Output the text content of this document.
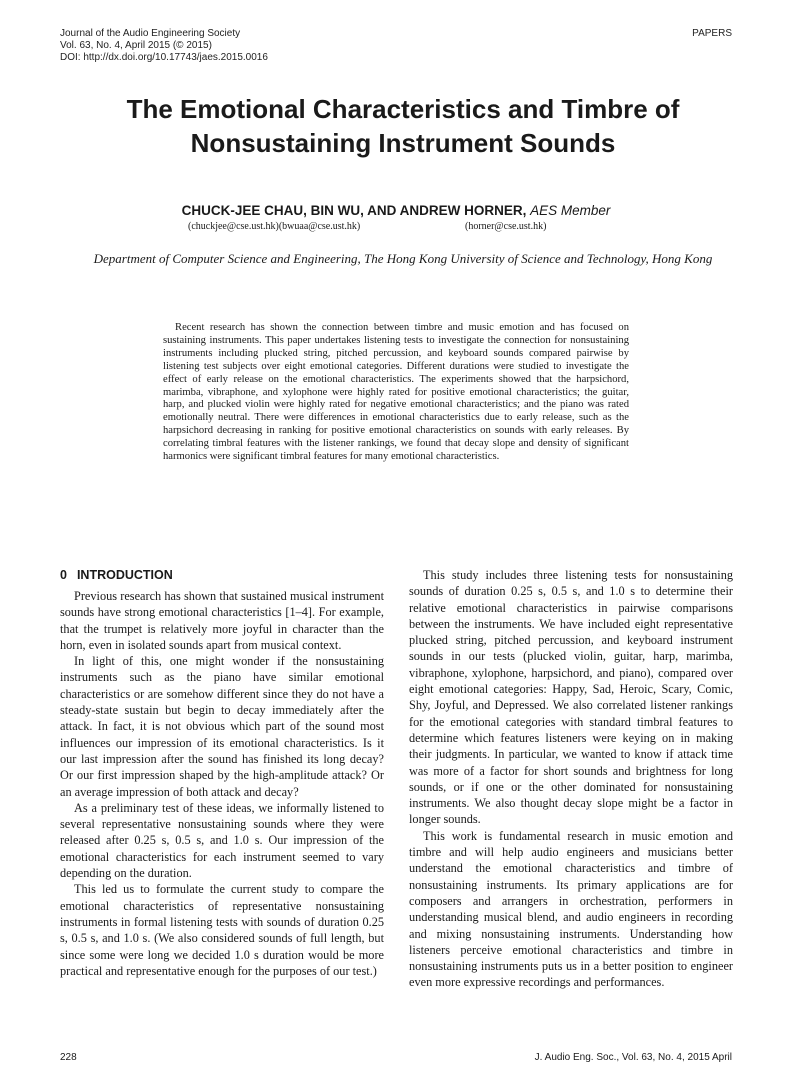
Journal of the Audio Engineering Society
Vol. 63, No. 4, April 2015 (© 2015)
DOI: http://dx.doi.org/10.17743/jaes.2015.0016
PAPERS
The Emotional Characteristics and Timbre of
Nonsustaining Instrument Sounds
CHUCK-JEE CHAU, BIN WU, AND ANDREW HORNER, AES Member
(chuckjee@cse.ust.hk)(bwuaa@cse.ust.hk)	(horner@cse.ust.hk)
Department of Computer Science and Engineering, The Hong Kong University of Science and Technology, Hong Kong

Recent research has shown the connection between timbre and music emotion and has focused on sustaining instruments. This paper undertakes listening tests to investigate the connection for nonsustaining instruments including plucked string, pitched percussion, and keyboard sounds compared pairwise by listening test subjects over eight emotional categories. Different durations were studied to investigate the effect of early release on the emotional characteristics. The experiments showed that the harpsichord, marimba, vibraphone, and xylophone were highly rated for positive emotional characteristics; the guitar, harp, and plucked violin were highly rated for negative emotional characteristics; and the piano was rated emotionally neutral. There were differences in emotional characteristics due to early release, such as the harpsichord decreasing in ranking for positive emotional characteristics on sounds with early releases. By correlating timbral features with the listener rankings, we found that decay slope and density of significant harmonics were significant timbral features for many emotional characteristics.

0 INTRODUCTION

Previous research has shown that sustained musical instrument sounds have strong emotional characteristics [1–4]. For example, that the trumpet is relatively more joyful in character than the horn, even in isolated sounds apart from musical context.

In light of this, one might wonder if the nonsustaining instruments such as the piano have similar emotional characteristics or are somehow different since they do not have a steady-state sustain but begin to decay immediately after the attack. In fact, it is not obvious which part of the sound most influences our impression of its emotional characteristics. Is it our last impression after the sound has finished its long decay? Or our first impression shaped by the high-amplitude attack? Or an average impression of both attack and decay?

As a preliminary test of these ideas, we informally listened to several representative nonsustaining sounds where they were released after 0.25 s, 0.5 s, and 1.0 s. Our impression of the emotional characteristics for each instrument seemed to vary depending on the duration.

This led us to formulate the current study to compare the emotional characteristics of representative nonsustaining instruments in formal listening tests with sounds of duration 0.25 s, 0.5 s, and 1.0 s. (We also considered sounds of full length, but since some were long we decided 1.0 s duration would be more practical and representative enough for the purposes of our test.)

This study includes three listening tests for nonsustaining sounds of duration 0.25 s, 0.5 s, and 1.0 s to determine their relative emotional characteristics in pairwise comparisons between the instruments. We have included eight representative plucked string, pitched percussion, and keyboard instrument sounds in our tests (plucked violin, guitar, harp, marimba, vibraphone, xylophone, harpsichord, and piano), compared over eight emotional categories: Happy, Sad, Heroic, Scary, Comic, Shy, Joyful, and Depressed. We also correlated listener rankings for the emotional categories with standard timbral features to determine which features listeners were keying on in making their judgments. In particular, we wanted to know if attack time was more of a factor for short sounds and brightness for long sounds, or if one or the other dominated for nonsustaining instruments. We also thought decay slope might be a factor in longer sounds.

This work is fundamental research in music emotion and timbre and will help audio engineers and musicians better understand the emotional characteristics and timbre of nonsustaining instruments. Its primary applications are for composers and arrangers in orchestration, performers in understanding musical blend, and audio engineers in recording and mixing nonsustaining instruments. Understanding how listeners perceive emotional characteristics and timbre in nonsustaining instruments puts us in a better position to engineer even more expressive recordings and performances.

228	J. Audio Eng. Soc., Vol. 63, No. 4, 2015 April
